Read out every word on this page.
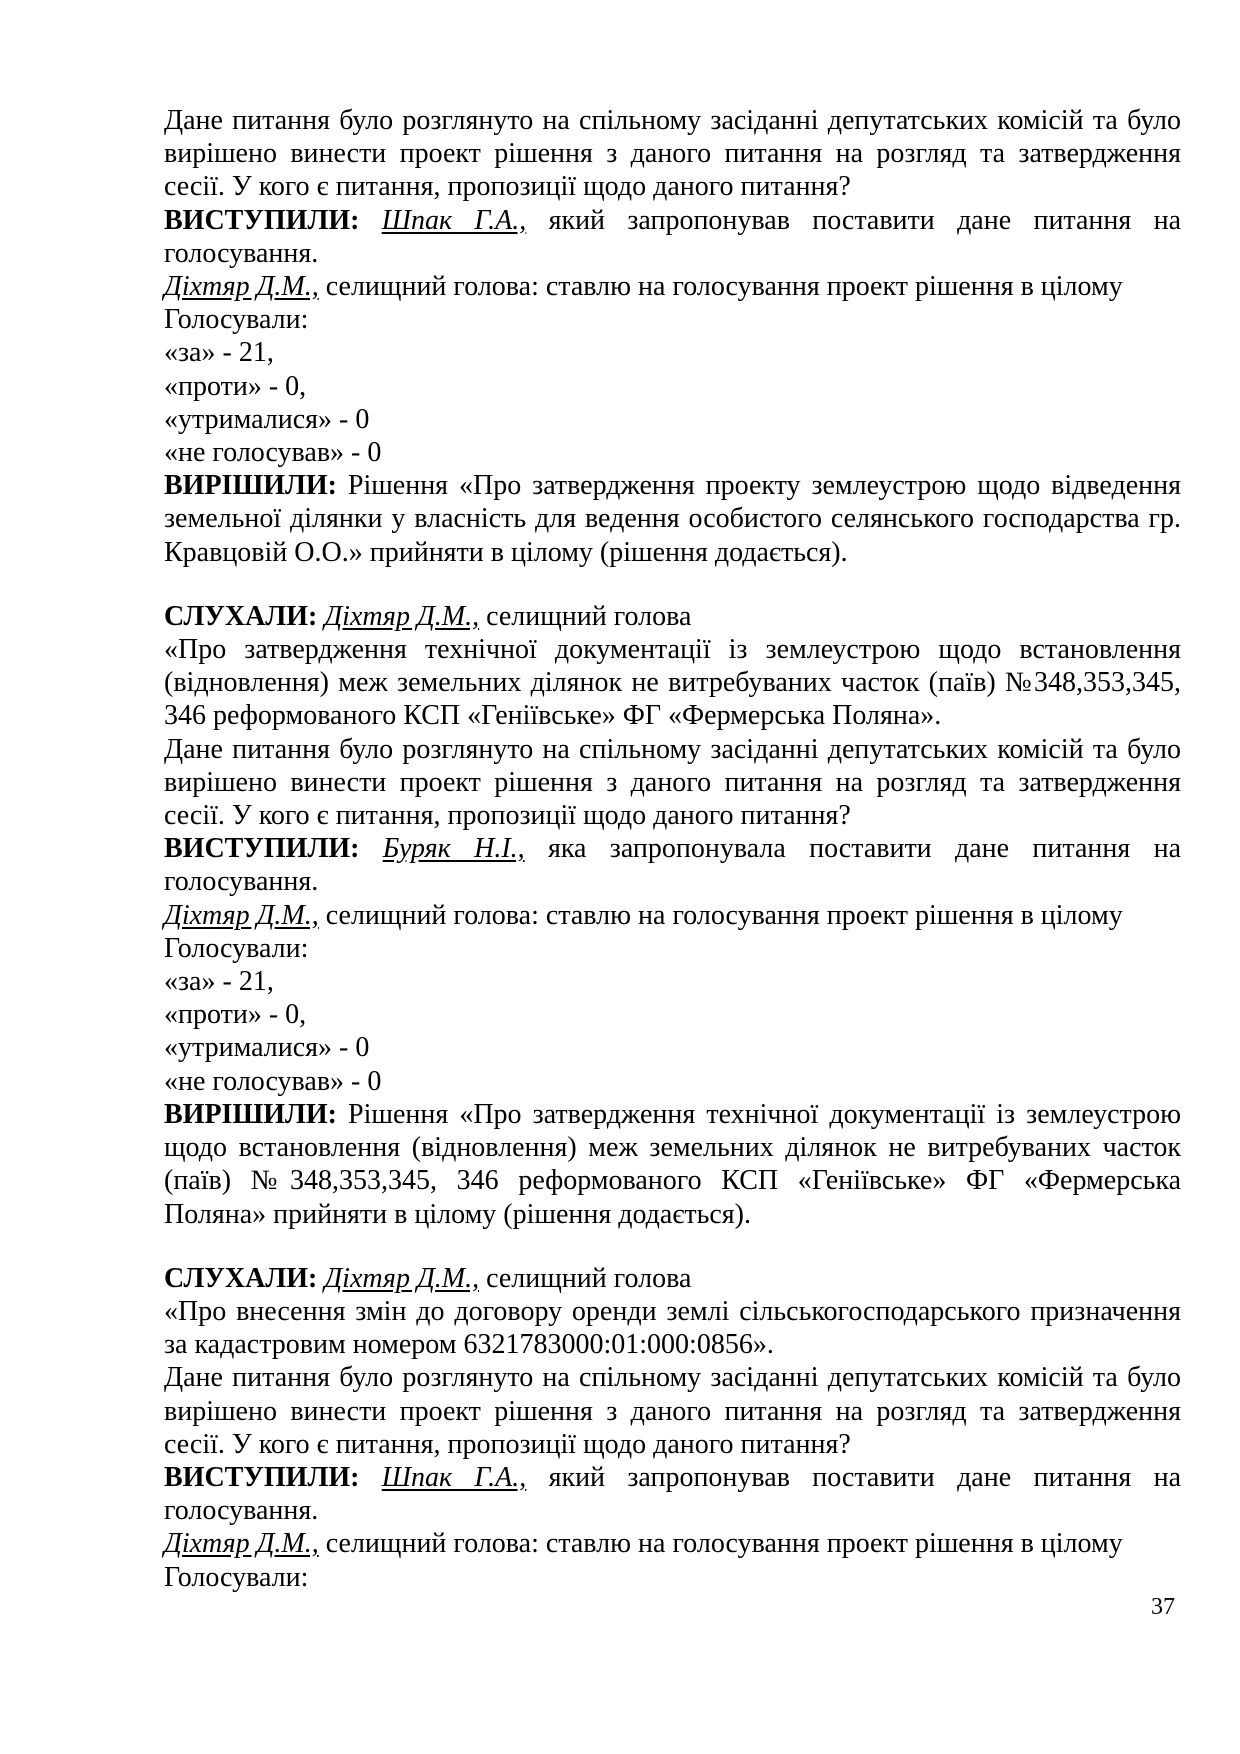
Дане питання було розглянуто на спільному засіданні депутатських комісій та було вирішено винести проект рішення з даного питання на розгляд та затвердження сесії. У кого є питання, пропозиції щодо даного питання?

ВИСТУПИЛИ: Шпак Г.А., який запропонував поставити дане питання на голосування.

Діхтяр Д.М., селищний голова: ставлю на голосування проект рішення в цілому

Голосували:

«за» - 21,

«проти» - 0,

«утрималися» - 0

«не голосував» - 0

ВИРІШИЛИ: Рішення «Про затвердження проекту землеустрою щодо відведення земельної ділянки у власність для ведення особистого селянського господарства гр. Кравцовій О.О.» прийняти в цілому (рішення додається).

СЛУХАЛИ: Діхтяр Д.М., селищний голова

«Про затвердження технічної документації із землеустрою щодо встановлення (відновлення) меж земельних ділянок не витребуваних часток (паїв) №348,353,345, 346 реформованого КСП «Генiївське» ФГ «Фермерська Поляна».

Дане питання було розглянуто на спільному засіданні депутатських комісій та було вирішено винести проект рішення з даного питання на розгляд та затвердження сесії. У кого є питання, пропозиції щодо даного питання?

ВИСТУПИЛИ: Буряк Н.І., яка запропонувала поставити дане питання на голосування.

Діхтяр Д.М., селищний голова: ставлю на голосування проект рішення в цілому

Голосували:

«за» - 21,

«проти» - 0,

«утрималися» - 0

«не голосував» - 0

ВИРІШИЛИ: Рішення «Про затвердження технічної документації із землеустрою щодо встановлення (відновлення) меж земельних ділянок не витребуваних часток (паїв) №348,353,345, 346 реформованого КСП «Геніївське» ФГ «Фермерська Поляна» прийняти в цілому (рішення додається).

СЛУХАЛИ: Діхтяр Д.М., селищний голова

«Про внесення змін до договору оренди землі сільськогосподарського призначення за кадастровим номером 6321783000:01:000:0856».

Дане питання було розглянуто на спільному засіданні депутатських комісій та було вирішено винести проект рішення з даного питання на розгляд та затвердження сесії. У кого є питання, пропозиції щодо даного питання?

ВИСТУПИЛИ: Шпак Г.А., який запропонував поставити дане питання на голосування.

Діхтяр Д.М., селищний голова: ставлю на голосування проект рішення в цілому

Голосували:

37
